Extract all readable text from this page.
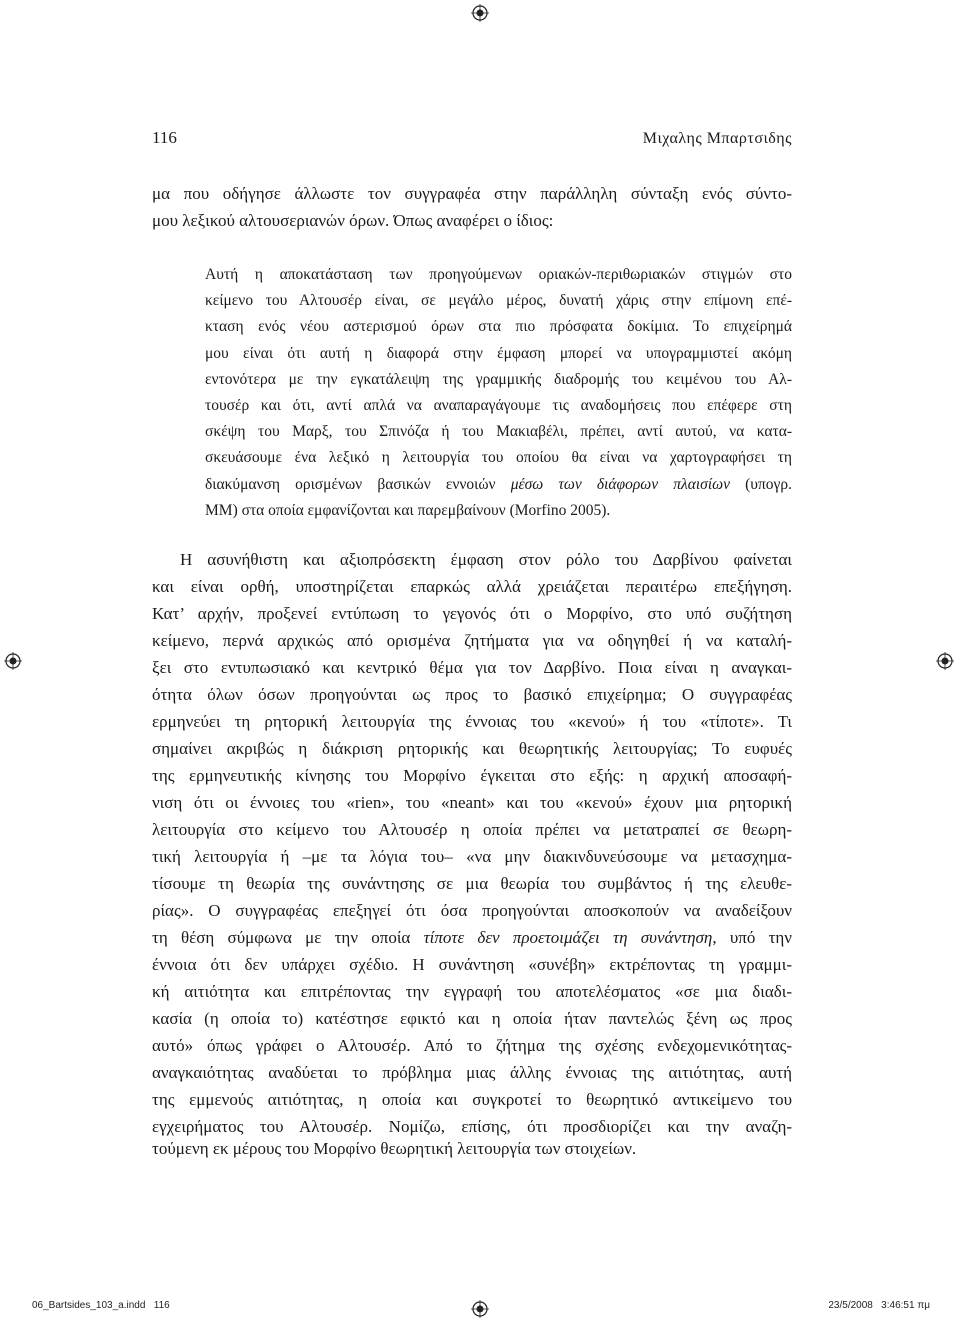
116	Μιχαλης Μπαρτσιδης
μα που οδήγησε άλλωστε τον συγγραφέα στην παράλληλη σύνταξη ενός σύντο-
μου λεξικού αλτουσεριανών όρων. Όπως αναφέρει ο ίδιος:
Αυτή η αποκατάσταση των προηγούμενων οριακών-περιθωριακών στιγμών στο
κείμενο του Αλτουσέρ είναι, σε μεγάλο μέρος, δυνατή χάρις στην επίμονη επέ-
κταση ενός νέου αστερισμού όρων στα πιο πρόσφατα δοκίμια. Το επιχείρημά
μου είναι ότι αυτή η διαφορά στην έμφαση μπορεί να υπογραμμιστεί ακόμη
εντονότερα με την εγκατάλειψη της γραμμικής διαδρομής του κειμένου του Αλ-
τουσέρ και ότι, αντί απλά να αναπαραγάγουμε τις αναδομήσεις που επέφερε στη
σκέψη του Μαρξ, του Σπινόζα ή του Μακιαβέλι, πρέπει, αντί αυτού, να κατα-
σκευάσουμε ένα λεξικό η λειτουργία του οποίου θα είναι να χαρτογραφήσει τη
διακύμανση ορισμένων βασικών εννοιών μέσω των διάφορων πλαισίων (υπογρ.
ΜΜ) στα οποία εμφανίζονται και παρεμβαίνουν (Morfino 2005).
Η ασυνήθιστη και αξιοπρόσεκτη έμφαση στον ρόλο του Δαρβίνου φαίνεται
και είναι ορθή, υποστηρίζεται επαρκώς αλλά χρειάζεται περαιτέρω επεξήγηση.
Κατ’ αρχήν, προξενεί εντύπωση το γεγονός ότι ο Μορφίνο, στο υπό συζήτηση
κείμενο, περνά αρχικώς από ορισμένα ζητήματα για να οδηγηθεί ή να καταλή-
ξει στο εντυπωσιακό και κεντρικό θέμα για τον Δαρβίνο. Ποια είναι η αναγκαι-
ότητα όλων όσων προηγούνται ως προς το βασικό επιχείρημα; Ο συγγραφέας
ερμηνεύει τη ρητορική λειτουργία της έννοιας του «κενού» ή του «τίποτε». Τι
σημαίνει ακριβώς η διάκριση ρητορικής και θεωρητικής λειτουργίας; Το ευφυές
της ερμηνευτικής κίνησης του Μορφίνο έγκειται στο εξής: η αρχική αποσαφή-
νιση ότι οι έννοιες του «rien», του «neant» και του «κενού» έχουν μια ρητορική
λειτουργία στο κείμενο του Αλτουσέρ η οποία πρέπει να μετατραπεί σε θεωρη-
τική λειτουργία ή –με τα λόγια του– «να μην διακινδυνεύσουμε να μετασχημα-
τίσουμε τη θεωρία της συνάντησης σε μια θεωρία του συμβάντος ή της ελευθε-
ρίας». Ο συγγραφέας επεξηγεί ότι όσα προηγούνται αποσκοπούν να αναδείξουν
τη θέση σύμφωνα με την οποία τίποτε δεν προετοιμάζει τη συνάντηση, υπό την
έννοια ότι δεν υπάρχει σχέδιο. Η συνάντηση «συνέβη» εκτρέποντας τη γραμμι-
κή αιτιότητα και επιτρέποντας την εγγραφή του αποτελέσματος «σε μια διαδι-
κασία (η οποία το) κατέστησε εφικτό και η οποία ήταν παντελώς ξένη ως προς
αυτό» όπως γράφει ο Αλτουσέρ. Από το ζήτημα της σχέσης ενδεχομενικότητας-
αναγκαιότητας αναδύεται το πρόβλημα μιας άλλης έννοιας της αιτιότητας, αυτή
της εμμενούς αιτιότητας, η οποία και συγκροτεί το θεωρητικό αντικείμενο του
εγχειρήματος του Αλτουσέρ. Νομίζω, επίσης, ότι προσδιορίζει και την αναζη-
τούμενη εκ μέρους του Μορφίνο θεωρητική λειτουργία των στοιχείων.
06_Bartsides_103_a.indd   116	23/5/2008   3:46:51 πμ
